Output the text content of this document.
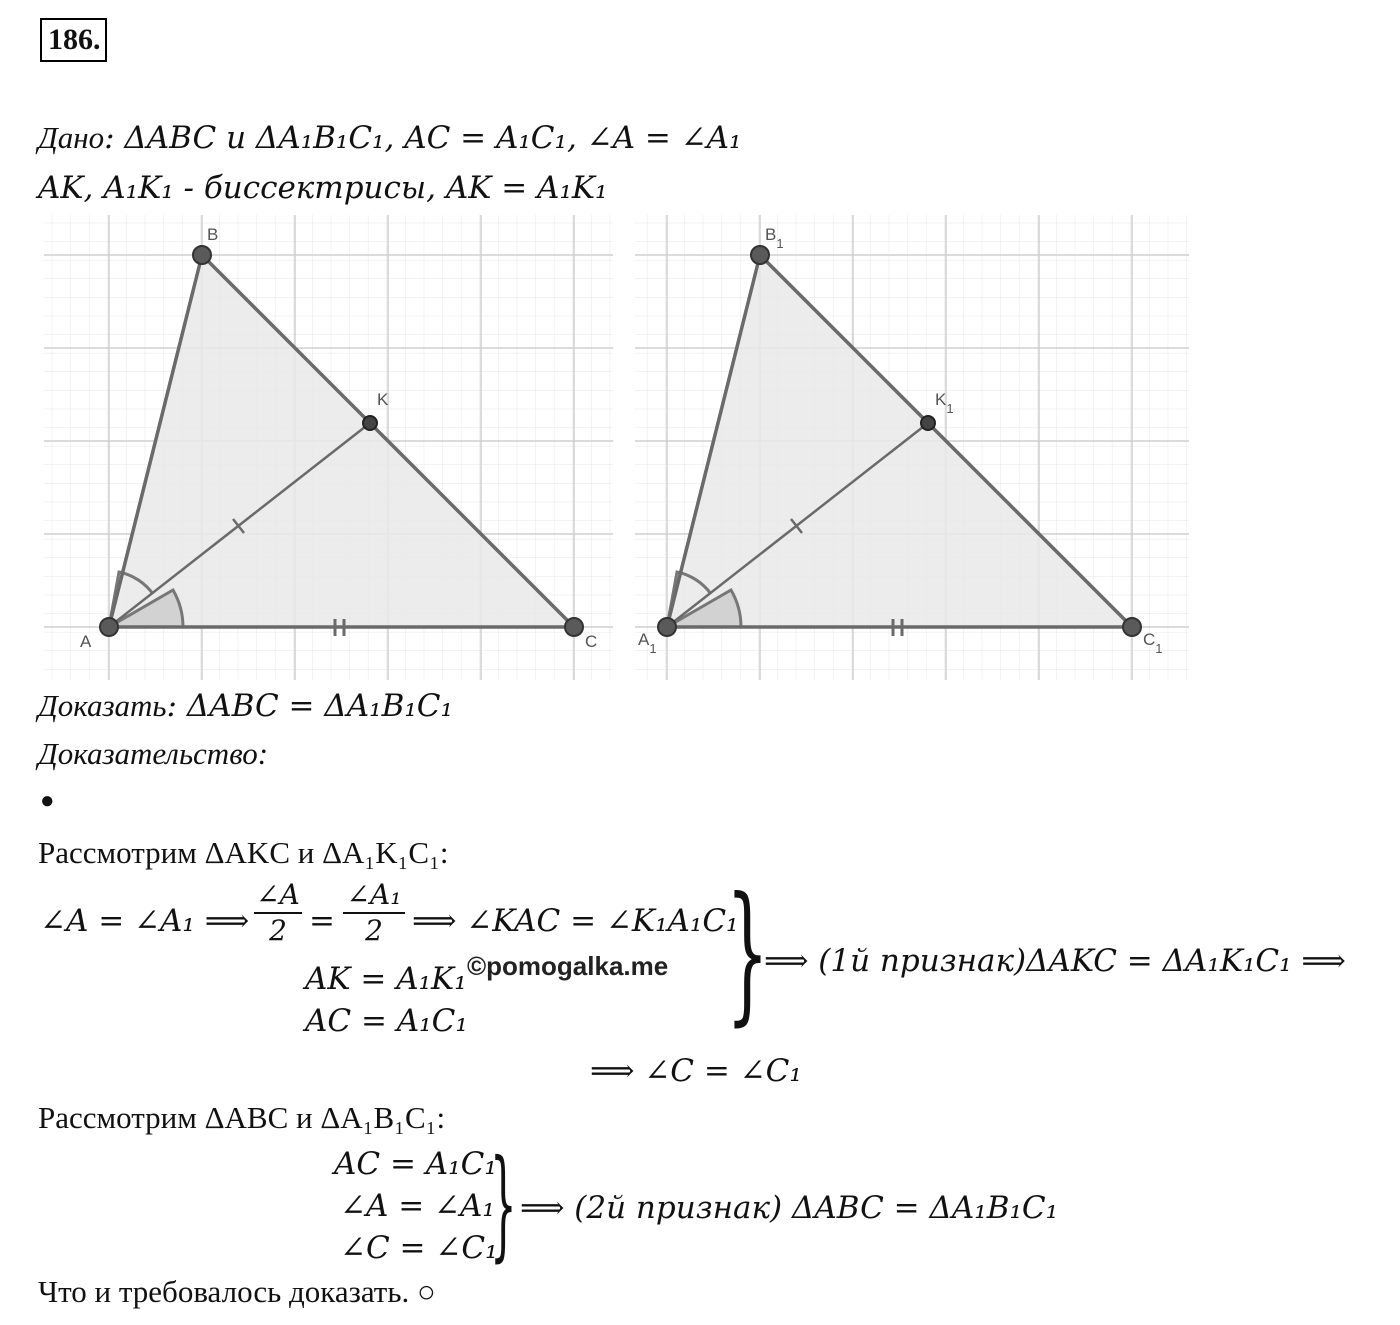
186.
Дано: ΔABC и ΔA₁B₁C₁, AC = A₁C₁, ∠A = ∠A₁
AK, A₁K₁ - биссектрисы, AK = A₁K₁
A
B
C
K
$A_1$
$B_1$
$C_1$
$K_1$
Доказать: ΔABC = ΔA₁B₁C₁
Доказательство:
●
Рассмотрим ΔAKC и ΔA₁K₁C₁:
∠A = ∠A₁ ⟹ $\frac{\angle A}{2} = \frac{\text{∠A₁}}{2}$ ⟹ ∠KAC = ∠K₁A₁C₁
AK = A₁K₁
AC = A₁C₁
©pomogalka.me }
⟹ (1й признак)ΔAKC = ΔA₁K₁C₁ ⟹
⟹ ∠C = ∠C₁
Рассмотрим ΔABC и ΔA₁B₁C₁:
AC = A₁C₁
∠A = ∠A₁
∠C = ∠C₁
} ⟹ (2й признак) ΔABC = ΔA₁B₁C₁
Что и требовалось доказать. ○
